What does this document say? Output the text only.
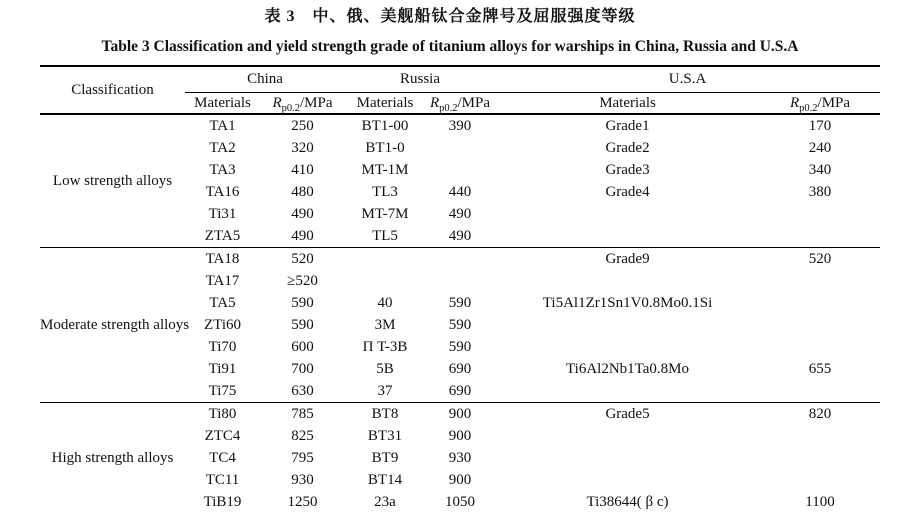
表 3　中、俄、美舰船钛合金牌号及屈服强度等级
Table 3 Classification and yield strength grade of titanium alloys for warships in China, Russia and U.S.A
Classification	China		Russia		U.S.A	
	Materials	$R_{p0.2}$/MPa	Materials	$R_{p0.2}$/MPa	Materials	$R_{p0.2}$/MPa
Low strength alloys	TA1	250	BT1-00	390	Grade1	170
	TA2	320	BT1-0		Grade2	240
	TA3	410	MT-1M		Grade3	340
	TA16	480	TL3	440	Grade4	380
	Ti31	490	MT-7M	490		
	ZTA5	490	TL5	490		
Moderate strength alloys	TA18	520			Grade9	520
	TA17	≥520				
	TA5	590	40	590	Ti5Al1Zr1Sn1V0.8Mo0.1Si	
	ZTi60	590	3M	590		
	Ti70	600	П T-3B	590		
	Ti91	700	5B	690	Ti6Al2Nb1Ta0.8Mo	655
	Ti75	630	37	690		
High strength alloys	Ti80	785	BT8	900	Grade5	820
	ZTC4	825	BT31	900		
	TC4	795	BT9	930		
	TC11	930	BT14	900		
	TiB19	1250	23a	1050	Ti38644( β c)	1100
